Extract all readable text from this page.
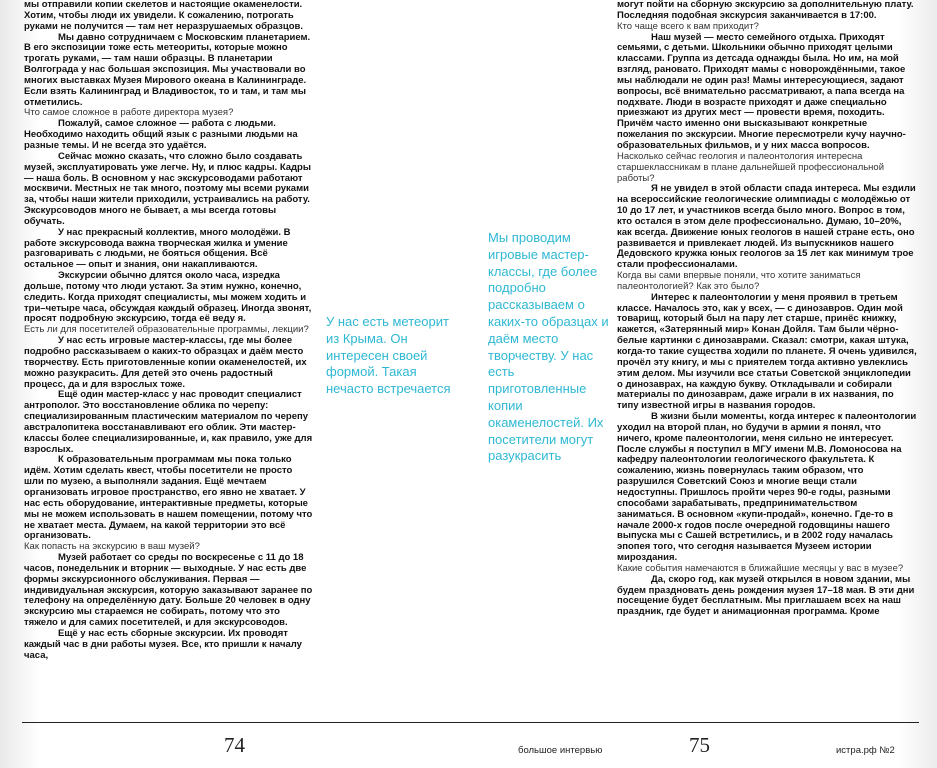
мы отправили копии скелетов и настоящие окаменелости. Хотим, чтобы люди их увидели. К сожалению, потрогать руками не получится — там нет неразрушаемых образцов.

Мы давно сотрудничаем с Московским планетарием. В его экспозиции тоже есть метеориты, которые можно трогать руками, — там наши образцы. В планетарии Волгограда у нас большая экспозиция. Мы участвовали во многих выставках Музея Мирового океана в Калининграде. Если взять Калининград и Владивосток, то и там, и там мы отметились.

Что самое сложное в работе директора музея?

Пожалуй, самое сложное — работа с людьми. Необходимо находить общий язык с разными людьми на разные темы. И не всегда это удаётся.

Сейчас можно сказать, что сложно было создавать музей, эксплуатировать уже легче. Ну, и плюс кадры. Кадры — наша боль. В основном у нас экскурсоводами работают москвичи. Местных не так много, поэтому мы всеми руками за, чтобы наши жители приходили, устраивались на работу. Экскурсоводов много не бывает, а мы всегда готовы обучать.

У нас прекрасный коллектив, много молодёжи. В работе экскурсовода важна творческая жилка и умение разговаривать с людьми, не бояться общения. Всё остальное — опыт и знания, они накапливаются.

Экскурсии обычно длятся около часа, изредка дольше, потому что люди устают. За этим нужно, конечно, следить. Когда приходят специалисты, мы можем ходить и три–четыре часа, обсуждая каждый образец. Иногда звонят, просят подробную экскурсию, тогда её веду я.

Есть ли для посетителей образовательные программы, лекции?

У нас есть игровые мастер-классы, где мы более подробно рассказываем о каких-то образцах и даём место творчеству. Есть приготовленные копии окаменелостей, их можно разукрасить. Для детей это очень радостный процесс, да и для взрослых тоже.

Ещё один мастер-класс у нас проводит специалист антрополог. Это восстановление облика по черепу: специализированным пластическим материалом по черепу австралопитека восстанавливают его облик. Эти мастер-классы более специализированные, и, как правило, уже для взрослых.

К образовательным программам мы пока только идём. Хотим сделать квест, чтобы посетители не просто шли по музею, а выполняли задания. Ещё мечтаем организовать игровое пространство, его явно не хватает. У нас есть оборудование, интерактивные предметы, которые мы не можем использовать в нашем помещении, потому что не хватает места. Думаем, на какой территории это всё организовать.

Как попасть на экскурсию в ваш музей?

Музей работает со среды по воскресенье с 11 до 18 часов, понедельник и вторник — выходные. У нас есть две формы экскурсионного обслуживания. Первая — индивидуальная экскурсия, которую заказывают заранее по телефону на определённую дату. Больше 20 человек в одну экскурсию мы стараемся не собирать, потому что это тяжело и для самих посетителей, и для экскурсоводов.

Ещё у нас есть сборные экскурсии. Их проводят каждый час в дни работы музея. Все, кто пришли к началу часа,

У нас есть метеорит из Крыма. Он интересен своей формой. Такая нечасто встречается
Мы проводим игровые мастер-классы, где более подробно рассказываем о каких-то образцах и даём место творчеству. У нас есть приготовленные копии окаменелостей. Их посетители могут разукрасить

могут пойти на сборную экскурсию за дополнительную плату. Последняя подобная экскурсия заканчивается в 17:00.

Кто чаще всего к вам приходит?

Наш музей — место семейного отдыха. Приходят семьями, с детьми. Школьники обычно приходят целыми классами. Группа из детсада однажды была. Но им, на мой взгляд, рановато. Приходят мамы с новорождёнными, такое мы наблюдали не один раз! Мамы интересующиеся, задают вопросы, всё внимательно рассматривают, а папа всегда на подхвате. Люди в возрасте приходят и даже специально приезжают из других мест — провести время, походить. Причём часто именно они высказывают конкретные пожелания по экскурсии. Многие пересмотрели кучу научно-образовательных фильмов, и у них масса вопросов.

Насколько сейчас геология и палеонтология интересна старшеклассникам в плане дальнейшей профессиональной работы?

Я не увидел в этой области спада интереса. Мы ездили на всероссийские геологические олимпиады с молодёжью от 10 до 17 лет, и участников всегда было много. Вопрос в том, кто остался в этом деле профессионально. Думаю, 10–20%, как всегда. Движение юных геологов в нашей стране есть, оно развивается и привлекает людей. Из выпускников нашего Дедовского кружка юных геологов за 15 лет как минимум трое стали профессионалами.

Когда вы сами впервые поняли, что хотите заниматься палеонтологией? Как это было?

Интерес к палеонтологии у меня проявил в третьем классе. Началось это, как у всех, — с динозавров. Один мой товарищ, который был на пару лет старше, принёс книжку, кажется, «Затерянный мир» Конан Дойля. Там были чёрно-белые картинки с динозаврами. Сказал: смотри, какая штука, когда-то такие существа ходили по планете. Я очень удивился, прочёл эту книгу, и мы с приятелем тогда активно увлеклись этим делом. Мы изучили все статьи Советской энциклопедии о динозаврах, на каждую букву. Откладывали и собирали материалы по динозаврам, даже играли в их названия, по типу известной игры в названия городов.

В жизни были моменты, когда интерес к палеонтологии уходил на второй план, но будучи в армии я понял, что ничего, кроме палеонтологии, меня сильно не интересует. После службы я поступил в МГУ имени М.В. Ломоносова на кафедру палеонтологии геологического факультета. К сожалению, жизнь повернулась таким образом, что разрушился Советский Союз и многие вещи стали недоступны. Пришлось пройти через 90-е годы, разными способами зарабатывать, предпринимательством заниматься. В основном «купи-продай», конечно. Где-то в начале 2000-х годов после очередной годовщины нашего выпуска мы с Сашей встретились, и в 2002 году началась эпопея того, что сегодня называется Музеем истории мироздания.

Какие события намечаются в ближайшие месяцы у вас в музее?

Да, скоро год, как музей открылся в новом здании, мы будем праздновать день рождения музея 17–18 мая. В эти дни посещение будет бесплатным. Мы приглашаем всех на наш праздник, где будет и анимационная программа. Кроме

74	большое интервью	75	истра.рф №2
